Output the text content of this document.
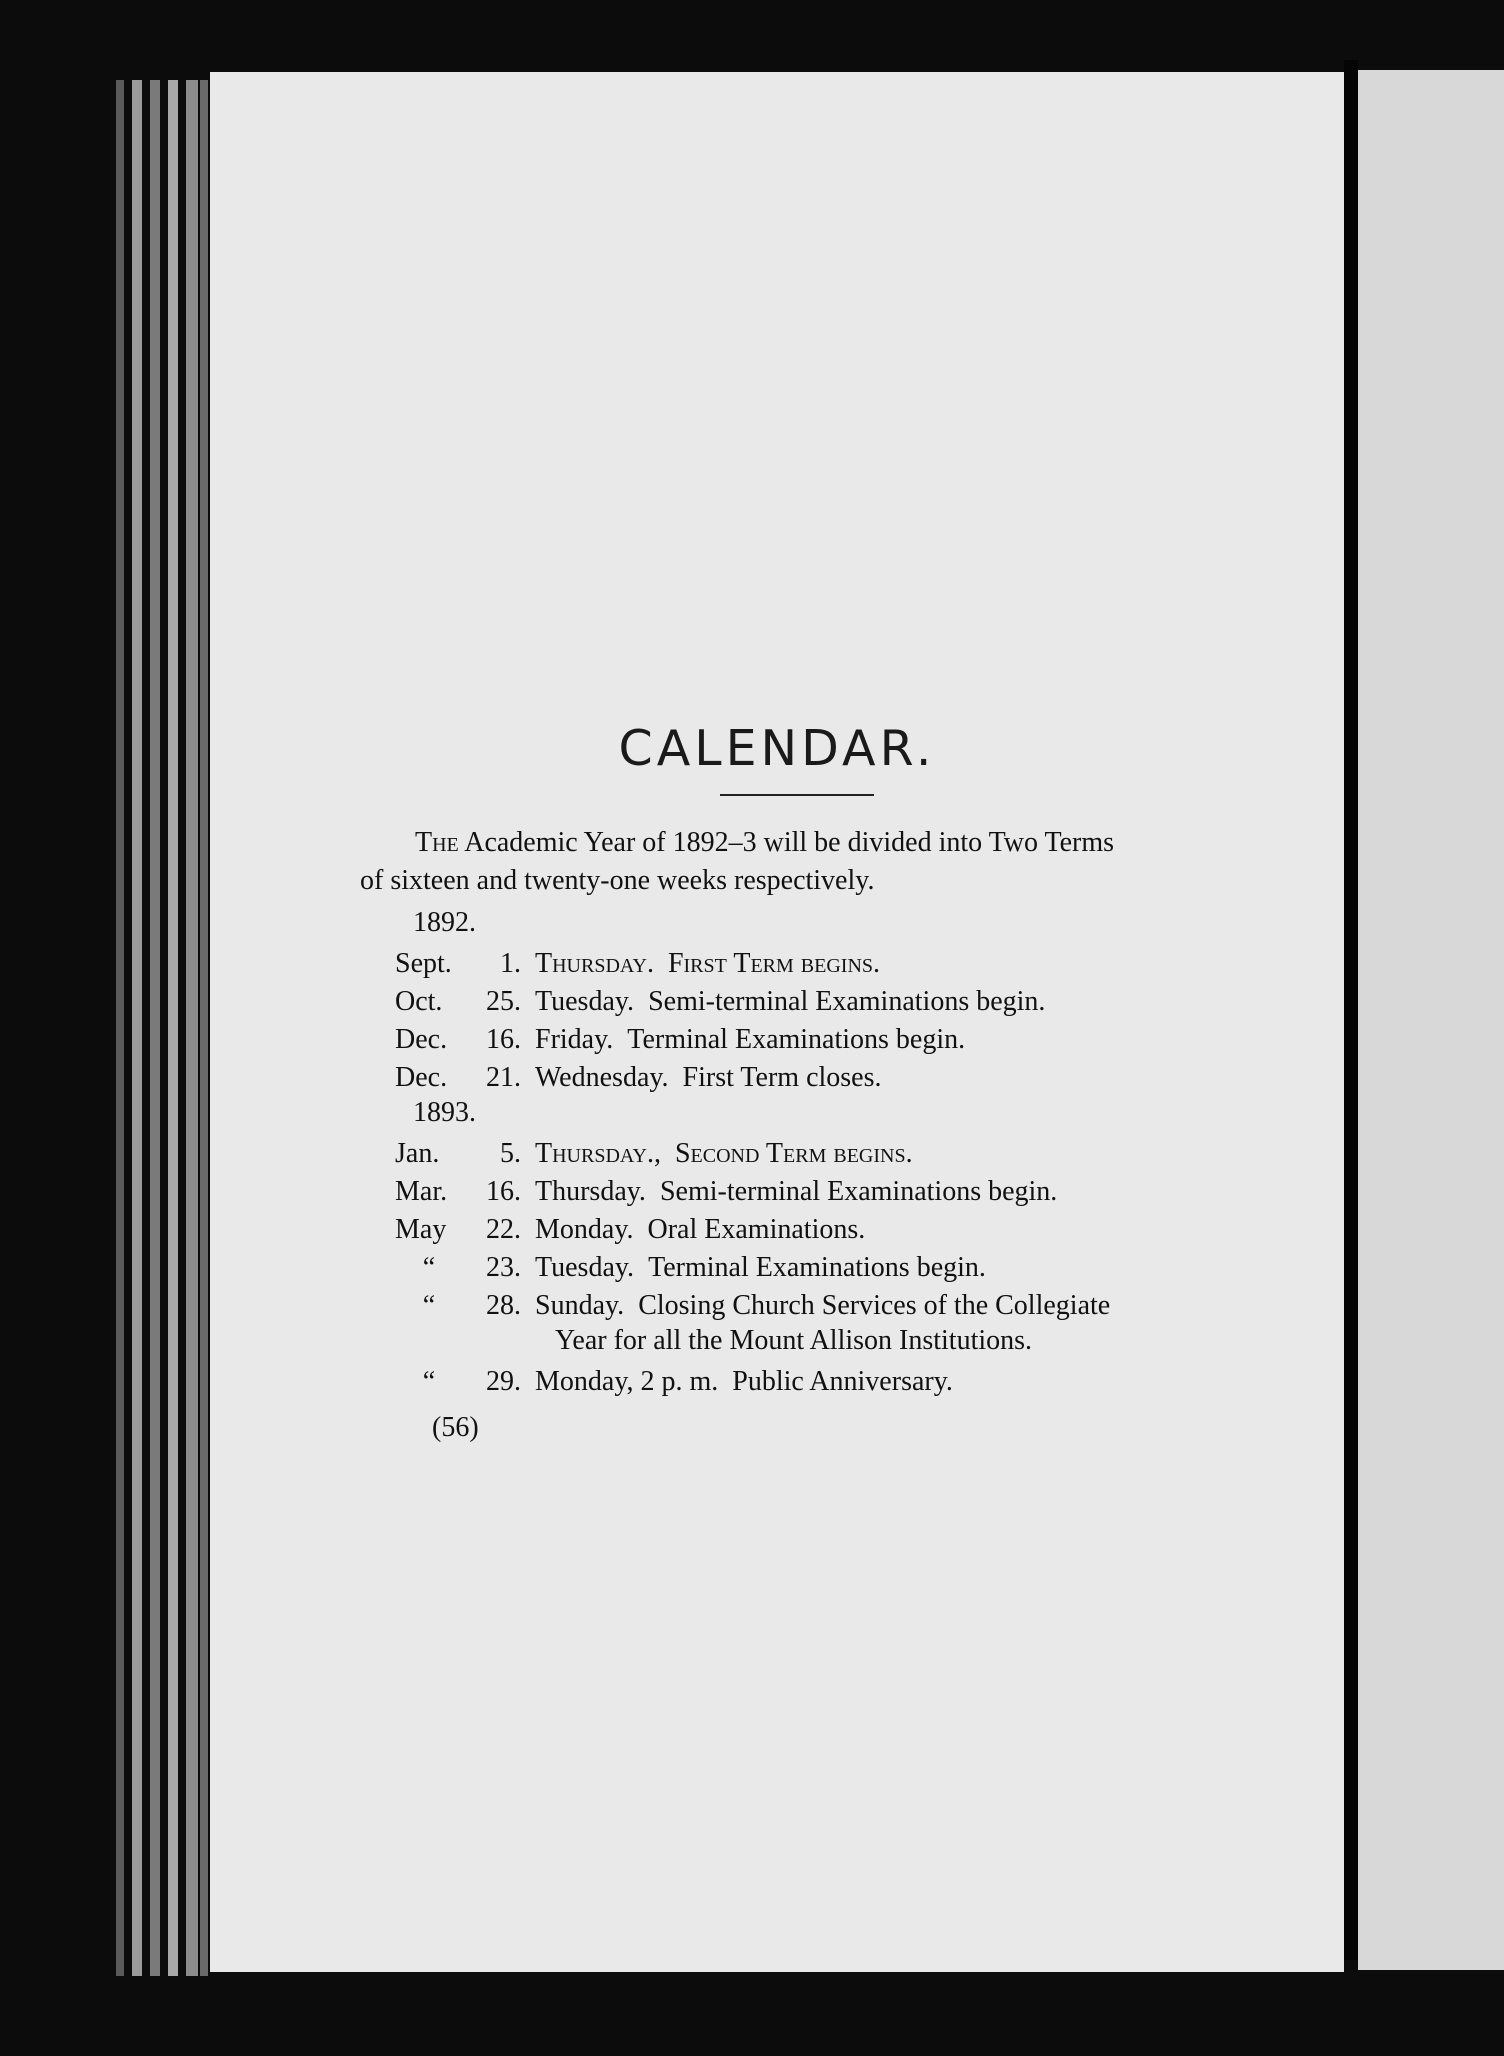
CALENDAR.
The Academic Year of 1892–3 will be divided into Two Terms
of sixteen and twenty-one weeks respectively.
1892.
Sept. 1. Thursday. First Term begins.
Oct. 25. Tuesday. Semi-terminal Examinations begin.
Dec. 16. Friday. Terminal Examinations begin.
Dec. 21. Wednesday. First Term closes.
1893.
Jan. 5. Thursday., Second Term begins.
Mar. 16. Thursday. Semi-terminal Examinations begin.
May 22. Monday. Oral Examinations.
“ 23. Tuesday. Terminal Examinations begin.
“ 28. Sunday. Closing Church Services of the Collegiate
Year for all the Mount Allison Institutions.
“ 29. Monday, 2 p. m. Public Anniversary.
(56)
